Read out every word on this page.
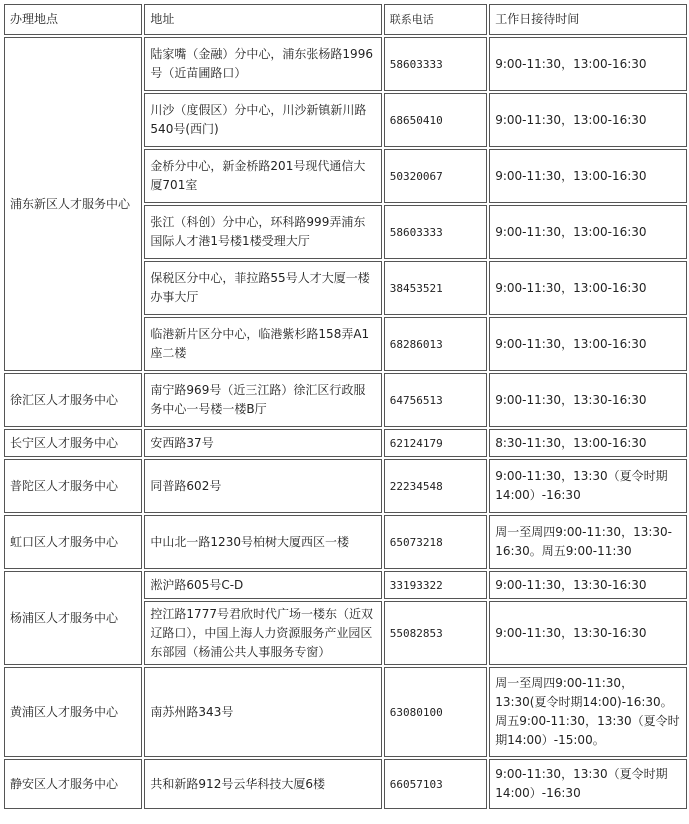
办理地点	地址	联系电话	工作日接待时间
浦东新区人才服务中心	陆家嘴（金融）分中心，浦东张杨路1996号（近苗圃路口）	58603333	9:00-11:30，13:00-16:30
	川沙（度假区）分中心，川沙新镇新川路540号(西门)	68650410	9:00-11:30，13:00-16:30
	金桥分中心，新金桥路201号现代通信大厦701室	50320067	9:00-11:30，13:00-16:30
	张江（科创）分中心，环科路999弄浦东国际人才港1号楼1楼受理大厅	58603333	9:00-11:30，13:00-16:30
	保税区分中心，菲拉路55号人才大厦一楼办事大厅	38453521	9:00-11:30，13:00-16:30
	临港新片区分中心，临港紫杉路158弄A1座二楼	68286013	9:00-11:30，13:00-16:30
徐汇区人才服务中心	南宁路969号（近三江路）徐汇区行政服务中心一号楼一楼B厅	64756513	9:00-11:30，13:30-16:30
长宁区人才服务中心	安西路37号	62124179	8:30-11:30，13:00-16:30
普陀区人才服务中心	同普路602号	22234548	9:00-11:30，13:30（夏令时期14:00）-16:30
虹口区人才服务中心	中山北一路1230号柏树大厦西区一楼	65073218	周一至周四9:00-11:30，13:30-16:30。周五9:00-11:30
杨浦区人才服务中心	淞沪路605号C-D	33193322	9:00-11:30，13:30-16:30
	控江路1777号君欣时代广场一楼东（近双辽路口），中国上海人力资源服务产业园区东部园（杨浦公共人事服务专窗）	55082853	9:00-11:30，13:30-16:30
黄浦区人才服务中心	南苏州路343号	63080100	周一至周四9:00-11:30，13:30(夏令时期14:00)-16:30。周五9:00-11:30，13:30（夏令时期14:00）-15:00。
静安区人才服务中心	共和新路912号云华科技大厦6楼	66057103	9:00-11:30，13:30（夏令时期14:00）-16:30
